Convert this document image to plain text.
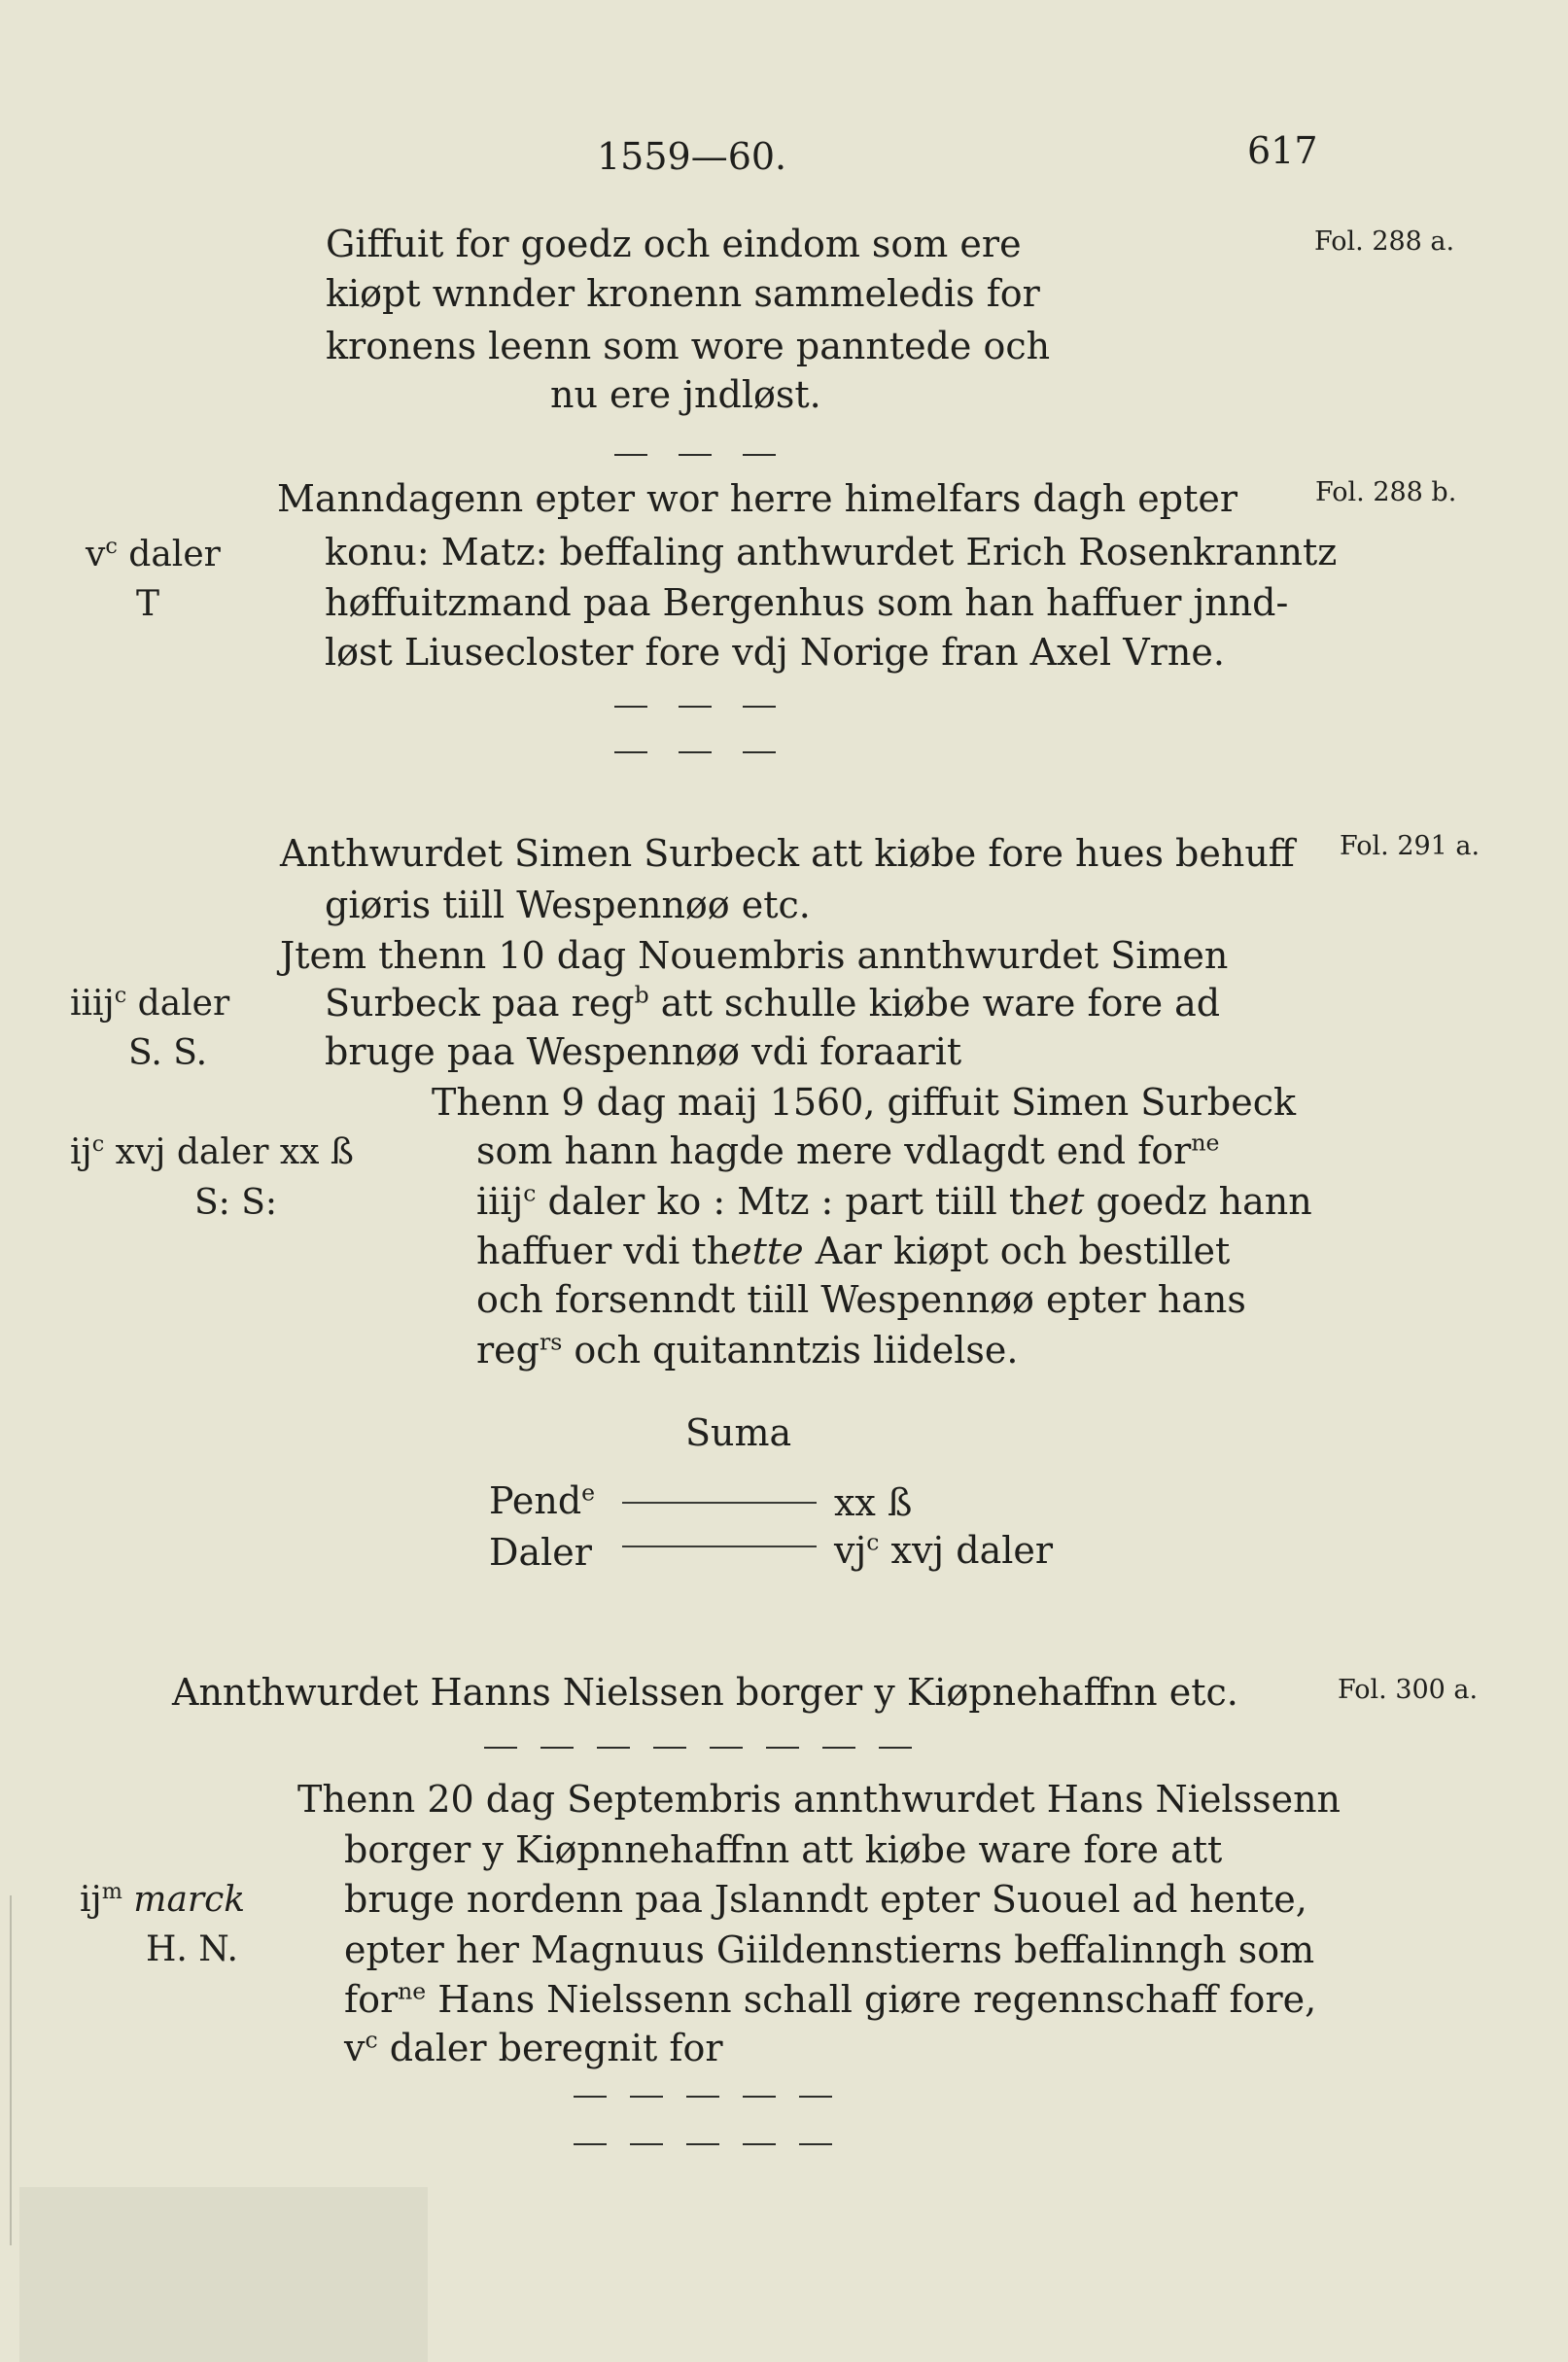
1559—60.	617
Giffuit for goedz och eindom som ere
kiøpt wnnder kronenn sammeledis for
kronens leenn som wore panntede och
nu ere jndløst.
Fol. 288 a.
Manndagenn epter wor herre himelfars dagh epter	Fol. 288 b.
$v^c$ daler	konu: Matz: beffaling anthwurdet Erich Rosenkranntz
T	høffuitzmand paa Bergenhus som han haffuer jnnd-
løst Liusecloster fore vdj Norige fran Axel Vrne.
Anthwurdet Simen Surbeck att kiøbe fore hues behuff Fol. 291 a.
giøris tiill Wespennøø etc.
Jtem thenn 10 dag Nouembris annthwurdet Simen
iiij$^c$ daler	Surbeck paa reg$^b$ att schulle kiøbe ware fore ad
S. S.	bruge paa Wespennøø vdi foraarit
Thenn 9 dag maij 1560, giffuit Simen Surbeck
$ij^c$ xvj daler xx ß	som hann hagde mere vdlagdt end for$^{ne}$
S: S:	iiij$^c$ daler ko : Mtz : part tiill thet goedz hann
haffuer vdi thette Aar kiøpt och bestillet
och forsenndt tiill Wespennøø epter hans
reg$^{rs}$ och quitanntzis liidelse.
Suma
Pend$^e$	xx ß
Daler	$vj^c$ xvj daler
Annthwurdet Hanns Nielssen borger y Kiøpnehaffnn etc.	Fol. 300 a.
Thenn 20 dag Septembris annthwurdet Hans Nielssenn
borger y Kiøpnnehaffnn att kiøbe ware fore att
$ij^m$ marck	bruge nordenn paa Jslanndt epter Suouel ad hente,
H. N.	epter her Magnuus Giildennstierns beffalinngh som
for$^{ne}$ Hans Nielssenn schall giøre regennschaff fore,
$v^c$ daler beregnit for
